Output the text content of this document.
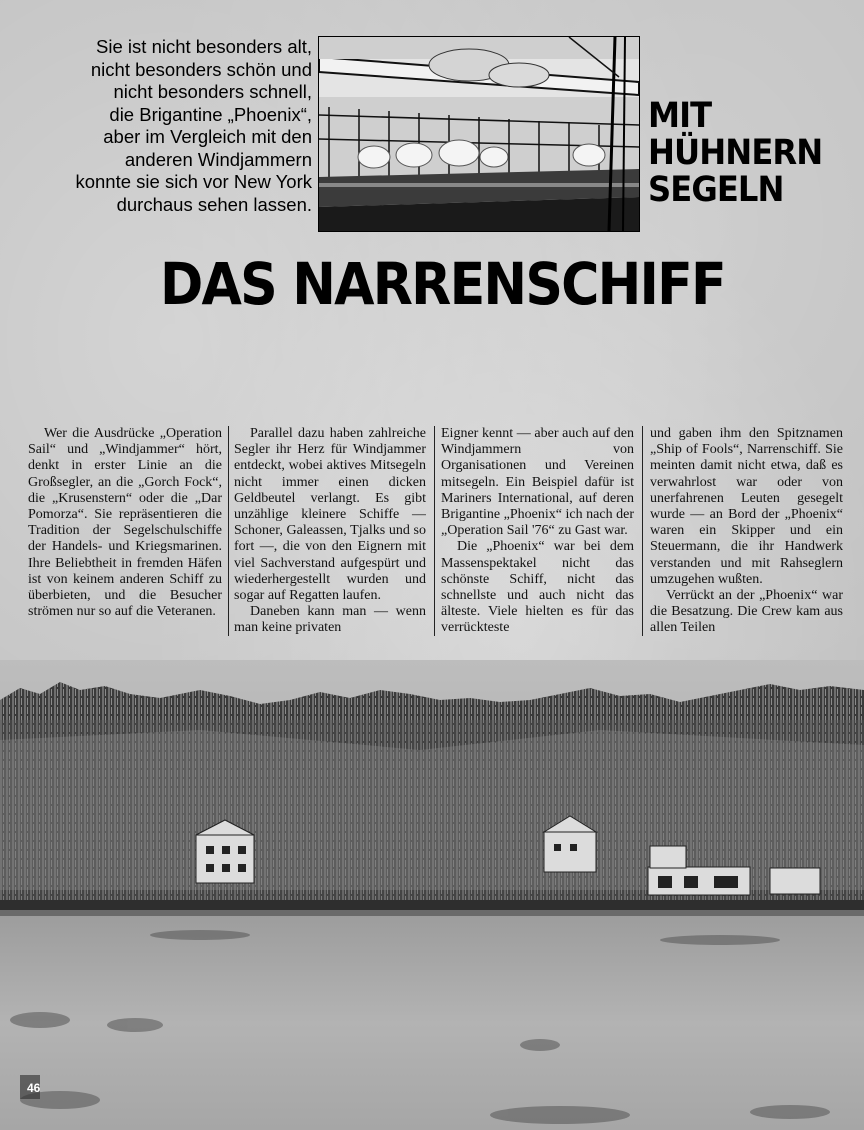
Sie ist nicht besonders alt,
nicht besonders schön und
nicht besonders schnell,
die Brigantine „Phoenix“,
aber im Vergleich mit den
anderen Windjammern
konnte sie sich vor New York
durchaus sehen lassen.

MIT
HÜHNERN
SEGELN
DAS NARRENSCHIFF

Wer die Ausdrücke „Operation Sail“ und „Windjammer“ hört, denkt in erster Linie an die Großsegler, an die „Gorch Fock“, die „Krusenstern“ oder die „Dar Pomorza“. Sie repräsentieren die Tradition der Segelschulschiffe der Handels- und Kriegsmarinen. Ihre Beliebtheit in fremden Häfen ist von keinem anderen Schiff zu überbieten, und die Besucher strömen nur so auf die Veteranen.

Parallel dazu haben zahlreiche Segler ihr Herz für Windjammer entdeckt, wobei aktives Mitsegeln nicht immer einen dicken Geldbeutel verlangt. Es gibt unzählige kleinere Schiffe — Schoner, Galeassen, Tjalks und so fort —, die von den Eignern mit viel Sachverstand aufgespürt und wiederhergestellt wurden und sogar auf Regatten laufen.

Daneben kann man — wenn man keine privaten

Eigner kennt — aber auch auf den Windjammern von Organisationen und Vereinen mitsegeln. Ein Beispiel dafür ist Mariners International, auf deren Brigantine „Phoenix“ ich nach der „Operation Sail '76“ zu Gast war.

Die „Phoenix“ war bei dem Massenspektakel nicht das schönste Schiff, nicht das schnellste und auch nicht das älteste. Viele hielten es für das verrückteste

und gaben ihm den Spitznamen „Ship of Fools“, Narrenschiff. Sie meinten damit nicht etwa, daß es verwahrlost war oder von unerfahrenen Leuten gesegelt wurde — an Bord der „Phoenix“ waren ein Skipper und ein Steuermann, die ihr Handwerk verstanden und mit Rahseglern umzugehen wußten.

Verrückt an der „Phoenix“ war die Besatzung. Die Crew kam aus allen Teilen

46
